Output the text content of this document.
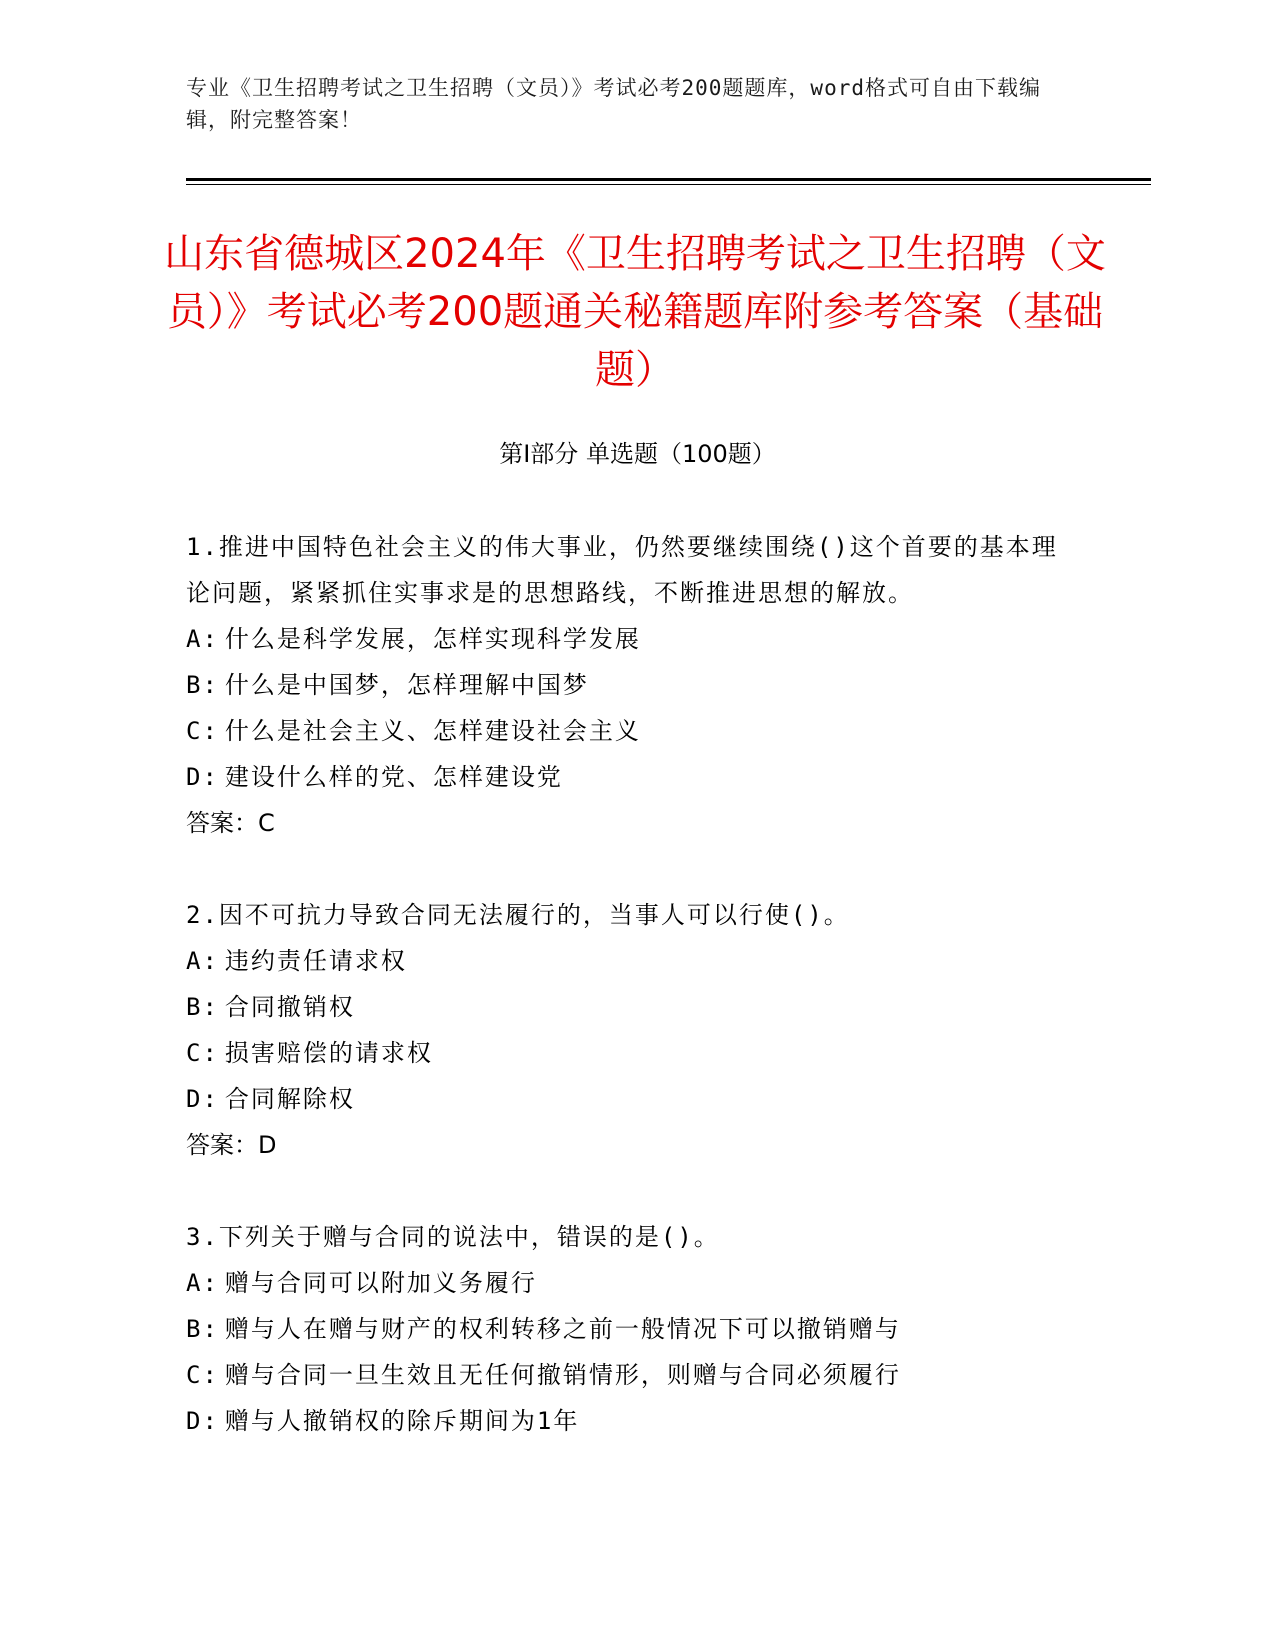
专业《卫生招聘考试之卫生招聘（文员）》考试必考200题题库，word格式可自由下载编辑，附完整答案！
山东省德城区2024年《卫生招聘考试之卫生招聘（文员）》考试必考200题通关秘籍题库附参考答案（基础题）
第Ⅰ部分 单选题（100题）

1.推进中国特色社会主义的伟大事业，仍然要继续围绕()这个首要的基本理论问题，紧紧抓住实事求是的思想路线，不断推进思想的解放。

A: 什么是科学发展，怎样实现科学发展

B: 什么是中国梦，怎样理解中国梦

C: 什么是社会主义、怎样建设社会主义

D: 建设什么样的党、怎样建设党

答案：C

2.因不可抗力导致合同无法履行的，当事人可以行使()。

A: 违约责任请求权

B: 合同撤销权

C: 损害赔偿的请求权

D: 合同解除权

答案：D

3.下列关于赠与合同的说法中，错误的是()。

A: 赠与合同可以附加义务履行

B: 赠与人在赠与财产的权利转移之前一般情况下可以撤销赠与

C: 赠与合同一旦生效且无任何撤销情形，则赠与合同必须履行

D: 赠与人撤销权的除斥期间为1年
